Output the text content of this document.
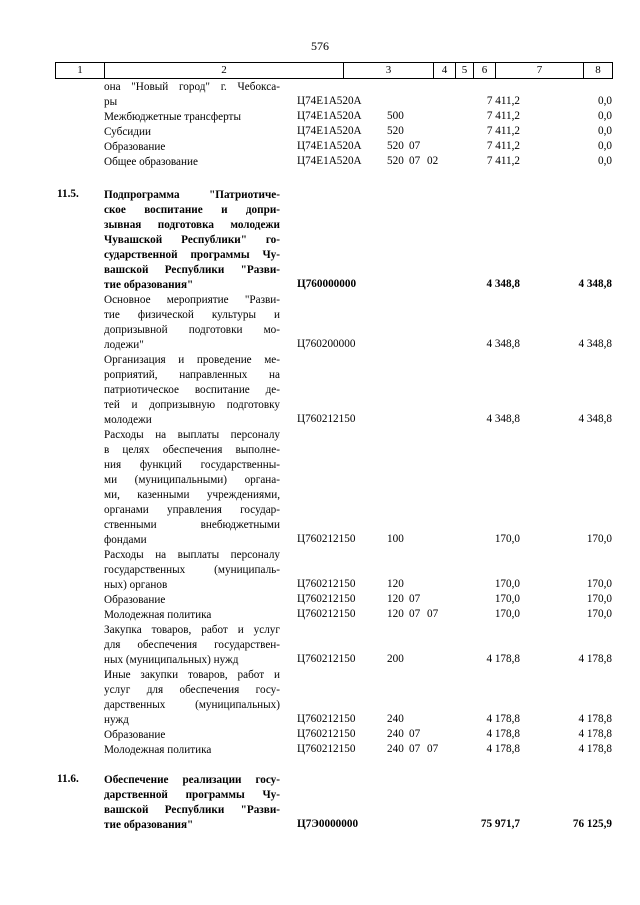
576
1	2	3	4	5	6	7	8
она "Новый город" г. Чебокса-
ры	Ц74Е1А520А	7 411,2	0,0
Межбюджетные трансферты	Ц74Е1А520А	500	7 411,2	0,0
Субсидии	Ц74Е1А520А	520	7 411,2	0,0
Образование	Ц74Е1А520А	520 07	7 411,2	0,0
Общее образование	Ц74Е1А520А	520 07 02	7 411,2	0,0
11.5.	Подпрограмма "Патриотиче-
ское воспитание и допри-
зывная подготовка молодежи
Чувашской Республики" го-
сударственной программы Чу-
вашской Республики "Разви-
тие образования"	Ц760000000	4 348,8	4 348,8
Основное мероприятие "Разви-
тие физической культуры и
допризывной подготовки мо-
лодежи"	Ц760200000	4 348,8	4 348,8
Организация и проведение ме-
роприятий, направленных на
патриотическое воспитание де-
тей и допризывную подготовку
молодежи	Ц760212150	4 348,8	4 348,8
Расходы на выплаты персоналу
в целях обеспечения выполне-
ния функций государственны-
ми (муниципальными) органа-
ми, казенными учреждениями,
органами управления государ-
ственными внебюджетными
фондами	Ц760212150	100	170,0	170,0
Расходы на выплаты персоналу
государственных (муниципаль-
ных) органов	Ц760212150	120	170,0	170,0
Образование	Ц760212150	120 07	170,0	170,0
Молодежная политика	Ц760212150	120 07 07	170,0	170,0
Закупка товаров, работ и услуг
для обеспечения государствен-
ных (муниципальных) нужд	Ц760212150	200	4 178,8	4 178,8
Иные закупки товаров, работ и
услуг для обеспечения госу-
дарственных (муниципальных)
нужд	Ц760212150	240	4 178,8	4 178,8
Образование	Ц760212150	240 07	4 178,8	4 178,8
Молодежная политика	Ц760212150	240 07 07	4 178,8	4 178,8
11.6.	Обеспечение реализации госу-
дарственной программы Чу-
вашской Республики "Разви-
тие образования"	Ц7Э0000000	75 971,7	76 125,9
